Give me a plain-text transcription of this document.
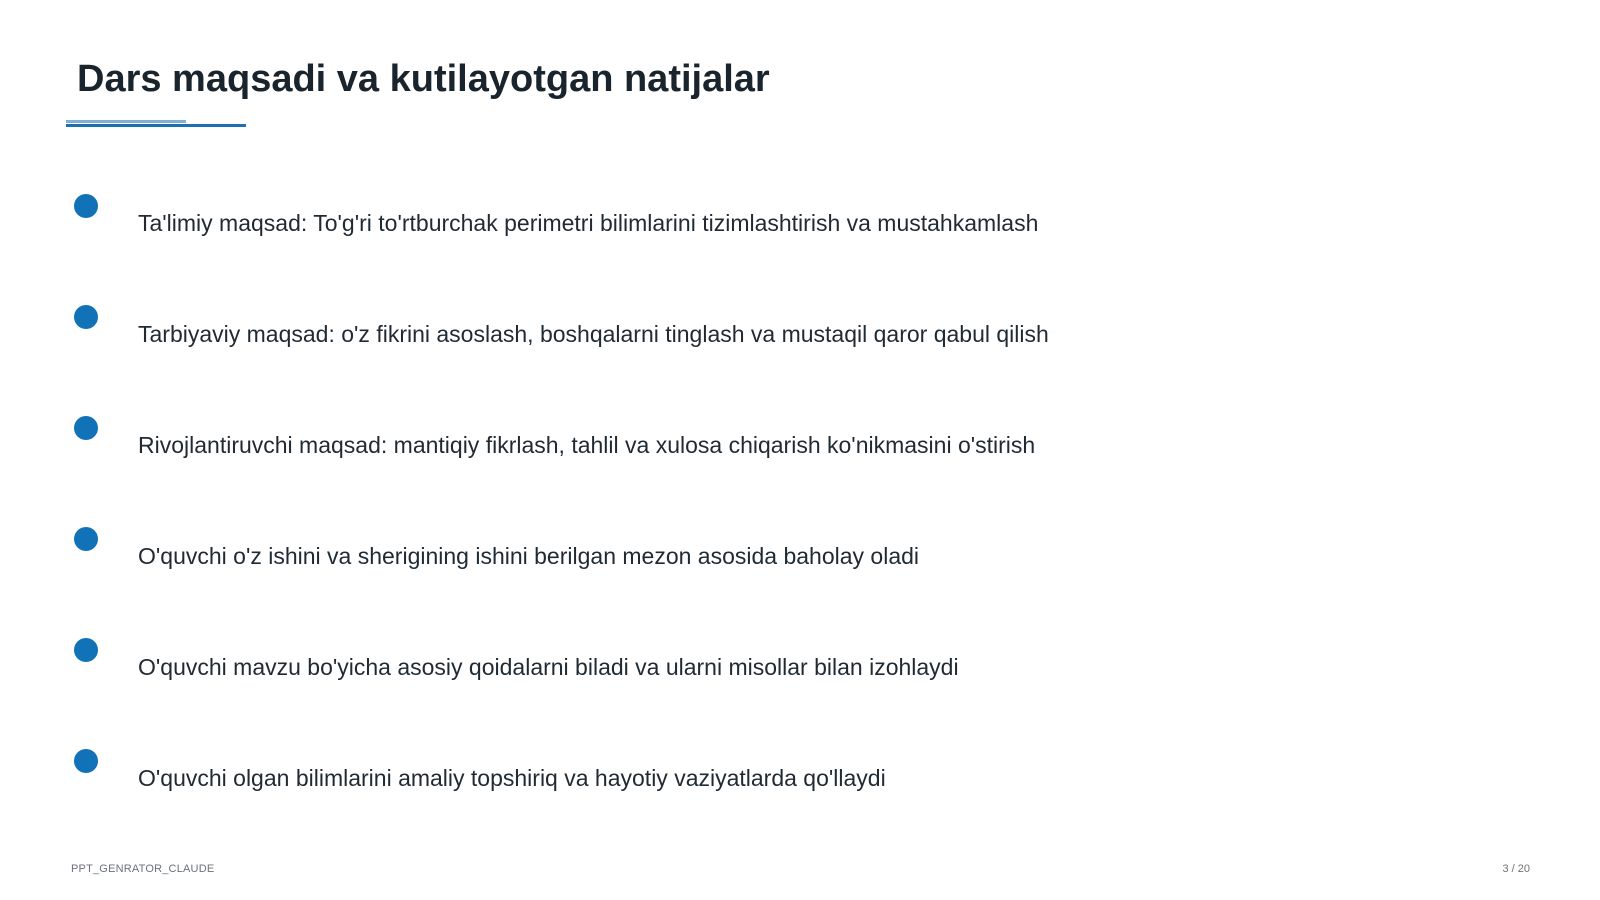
Dars maqsadi va kutilayotgan natijalar
Ta'limiy maqsad: To'g'ri to'rtburchak perimetri bilimlarini tizimlashtirish va mustahkamlash
Tarbiyaviy maqsad: o'z fikrini asoslash, boshqalarni tinglash va mustaqil qaror qabul qilish
Rivojlantiruvchi maqsad: mantiqiy fikrlash, tahlil va xulosa chiqarish ko'nikmasini o'stirish
O'quvchi o'z ishini va sherigining ishini berilgan mezon asosida baholay oladi
O'quvchi mavzu bo'yicha asosiy qoidalarni biladi va ularni misollar bilan izohlaydi
O'quvchi olgan bilimlarini amaliy topshiriq va hayotiy vaziyatlarda qo'llaydi
PPT_GENRATOR_CLAUDE	3 / 20
